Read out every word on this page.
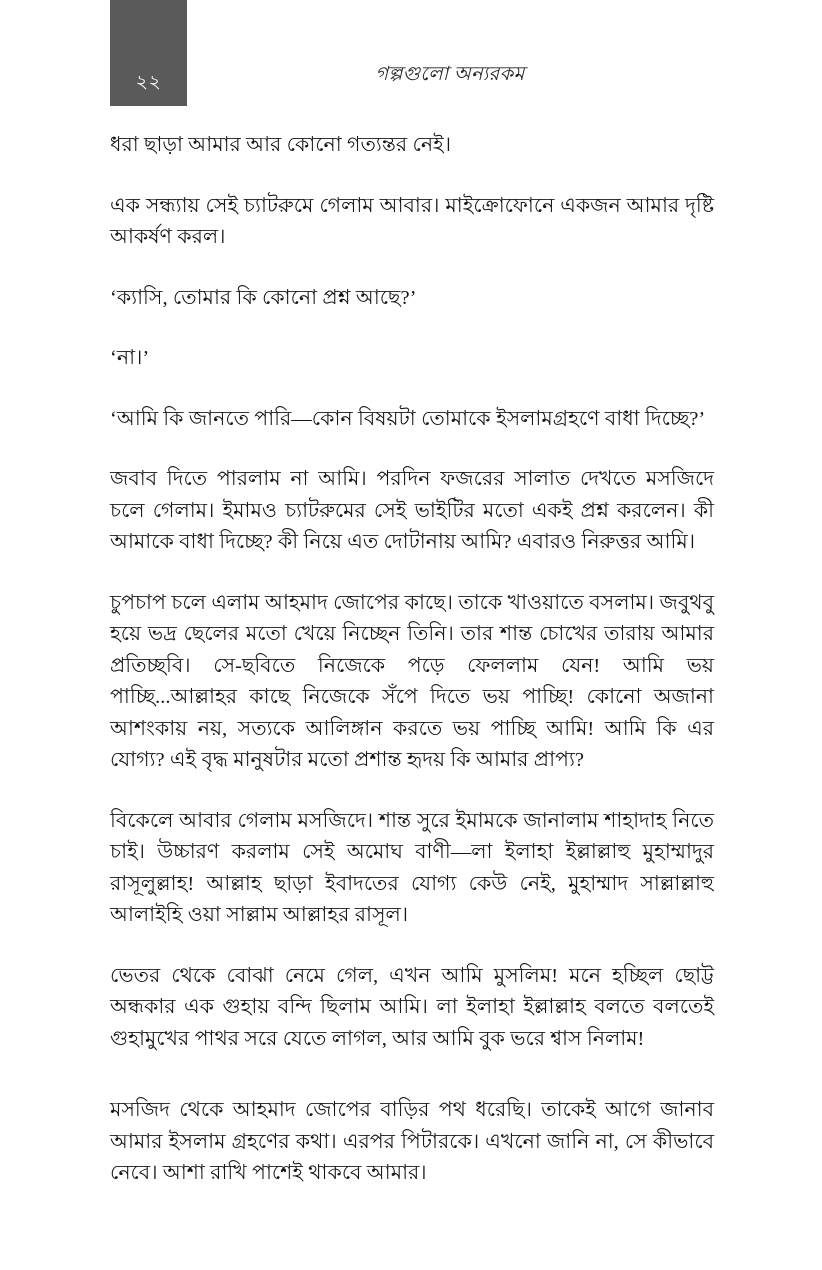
২২	গল্পগুলো অন্যরকম

ধরা ছাড়া আমার আর কোনো গত্যন্তর নেই।

এক সন্ধ্যায় সেই চ্যাটরুমে গেলাম আবার। মাইক্রোফোনে একজন আমার দৃষ্টি আকর্ষণ করল।

‘ক্যাসি, তোমার কি কোনো প্রশ্ন আছে?’

‘না।’

‘আমি কি জানতে পারি—কোন বিষয়টা তোমাকে ইসলামগ্রহণে বাধা দিচ্ছে?’

জবাব দিতে পারলাম না আমি। পরদিন ফজরের সালাত দেখতে মসজিদে চলে গেলাম। ইমামও চ্যাটরুমের সেই ভাইটির মতো একই প্রশ্ন করলেন। কী আমাকে বাধা দিচ্ছে? কী নিয়ে এত দোটানায় আমি? এবারও নিরুত্তর আমি।

চুপচাপ চলে এলাম আহমাদ জোপের কাছে। তাকে খাওয়াতে বসলাম। জবুথবু হয়ে ভদ্র ছেলের মতো খেয়ে নিচ্ছেন তিনি। তার শান্ত চোখের তারায় আমার প্রতিচ্ছবি। সে-ছবিতে নিজেকে পড়ে ফেললাম যেন! আমি ভয় পাচ্ছি...আল্লাহর কাছে নিজেকে সঁপে দিতে ভয় পাচ্ছি! কোনো অজানা আশংকায় নয়, সত্যকে আলিঙ্গান করতে ভয় পাচ্ছি আমি! আমি কি এর যোগ্য? এই বৃদ্ধ মানুষটার মতো প্রশান্ত হৃদয় কি আমার প্রাপ্য?

বিকেলে আবার গেলাম মসজিদে। শান্ত সুরে ইমামকে জানালাম শাহাদাহ নিতে চাই। উচ্চারণ করলাম সেই অমোঘ বাণী—লা ইলাহা ইল্লাল্লাহু মুহাম্মাদুর রাসূলুল্লাহ! আল্লাহ ছাড়া ইবাদতের যোগ্য কেউ নেই, মুহাম্মাদ সাল্লাল্লাহু আলাইহি ওয়া সাল্লাম আল্লাহর রাসূল।

ভেতর থেকে বোঝা নেমে গেল, এখন আমি মুসলিম! মনে হচ্ছিল ছোট্ট অন্ধকার এক গুহায় বন্দি ছিলাম আমি। লা ইলাহা ইল্লাল্লাহ বলতে বলতেই গুহামুখের পাথর সরে যেতে লাগল, আর আমি বুক ভরে শ্বাস নিলাম!

মসজিদ থেকে আহমাদ জোপের বাড়ির পথ ধরেছি। তাকেই আগে জানাব আমার ইসলাম গ্রহণের কথা। এরপর পিটারকে। এখনো জানি না, সে কীভাবে নেবে। আশা রাখি পাশেই থাকবে আমার।
